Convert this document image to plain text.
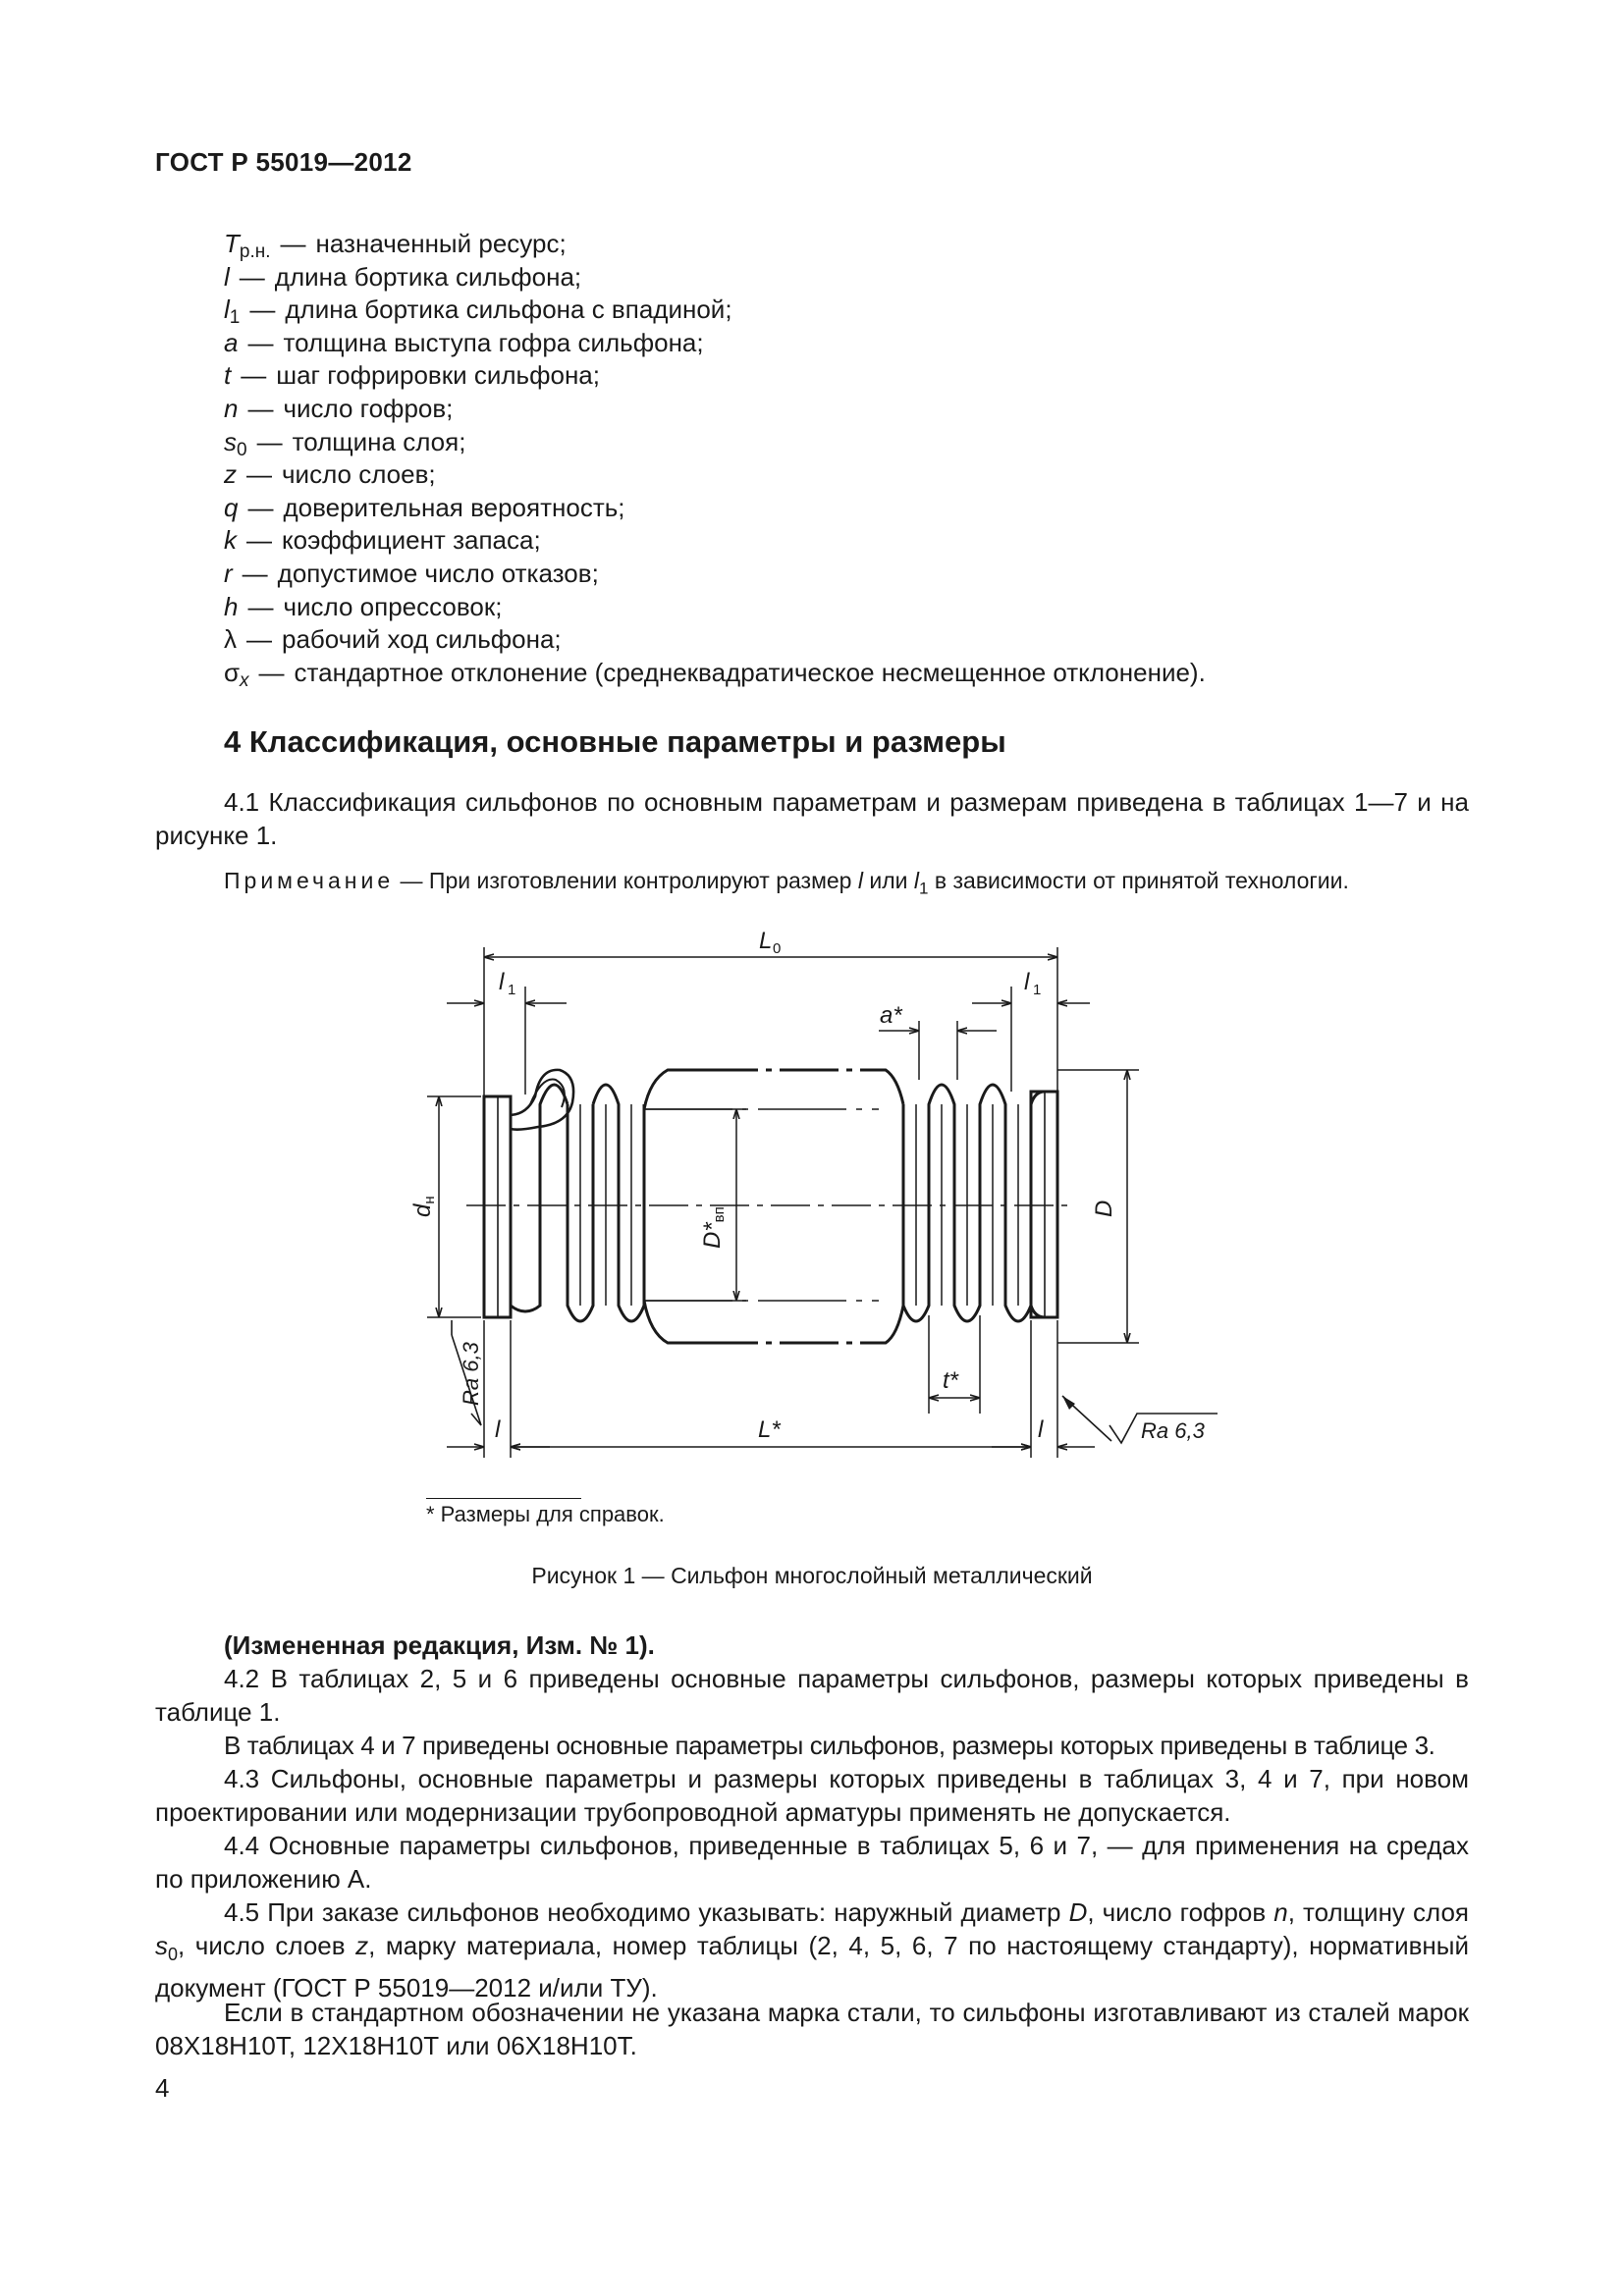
ГОСТ Р 55019—2012
$T_{р.н.}$ — назначенный ресурс;
l — длина бортика сильфона;
$l_1$ — длина бортика сильфона с впадиной;
a — толщина выступа гофра сильфона;
t — шаг гофрировки сильфона;
n — число гофров;
$s_0$ — толщина слоя;
z — число слоев;
q — доверительная вероятность;
k — коэффициент запаса;
r — допустимое число отказов;
h — число опрессовок;
λ — рабочий ход сильфона;
$\sigma_x$ — стандартное отклонение (среднеквадратическое несмещенное отклонение).
4 Классификация, основные параметры и размеры
4.1 Классификация сильфонов по основным параметрам и размерам приведена в таблицах 1—7 и на рисунке 1.
Примечание — При изготовлении контролируют размер l или $l_1$ в зависимости от принятой технологии.
L 0
l 1	l 1
a*
dн
D*вп	D
t*
l	L*	l
Ra 6,3
Ra 6,3
* Размеры для справок.
Рисунок 1 — Сильфон многослойный металлический
(Измененная редакция, Изм. № 1).
4.2 В таблицах 2, 5 и 6 приведены основные параметры сильфонов, размеры которых приведены в таблице 1.
В таблицах 4 и 7 приведены основные параметры сильфонов, размеры которых приведены в таблице 3.
4.3 Сильфоны, основные параметры и размеры которых приведены в таблицах 3, 4 и 7, при новом проектировании или модернизации трубопроводной арматуры применять не допускается.
4.4 Основные параметры сильфонов, приведенные в таблицах 5, 6 и 7, — для применения на средах по приложению А.
4.5 При заказе сильфонов необходимо указывать: наружный диаметр D, число гофров n, толщину слоя $s_0$, число слоев z, марку материала, номер таблицы (2, 4, 5, 6, 7 по настоящему стандарту), нормативный документ (ГОСТ Р 55019—2012 и/или ТУ).
Если в стандартном обозначении не указана марка стали, то сильфоны изготавливают из сталей марок 08Х18Н10Т, 12Х18Н10Т или 06Х18Н10Т.
4
